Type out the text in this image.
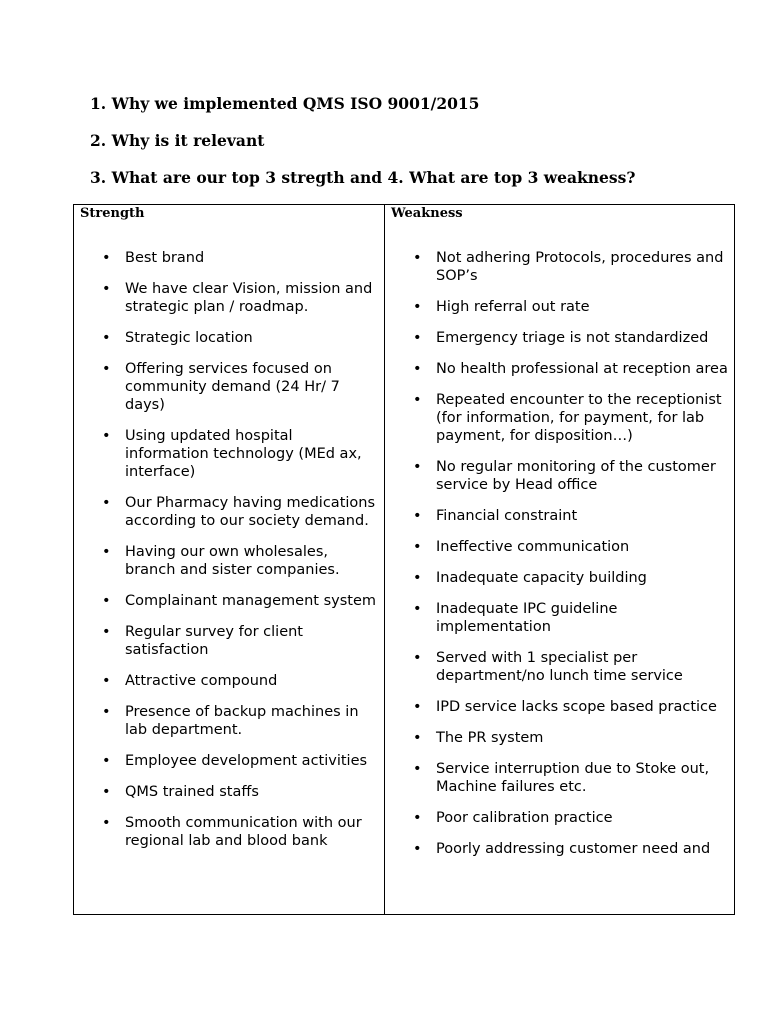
1. Why we implemented QMS ISO 9001/2015
2. Why is it relevant
3. What are our top 3 stregth and 4. What are top 3 weakness?
Strength
• Best brand
• We have clear Vision, mission and strategic plan / roadmap.
• Strategic location
• Offering services focused on community demand (24 Hr/ 7 days)
• Using updated hospital information technology (MEd ax, interface)
• Our Pharmacy having medications according to our society demand.
• Having our own wholesales, branch and sister companies.
• Complainant management system
• Regular survey for client satisfaction
• Attractive compound
• Presence of backup machines in lab department.
• Employee development activities
• QMS trained staffs
• Smooth communication with our regional lab and blood bank
Weakness
• Not adhering Protocols, procedures and SOP’s
• High referral out rate
• Emergency triage is not standardized
• No health professional at reception area
• Repeated encounter to the receptionist (for information, for payment, for lab payment, for disposition…)
• No regular monitoring of the customer service by Head office
• Financial constraint
• Ineffective communication
• Inadequate capacity building
• Inadequate IPC guideline implementation
• Served with 1 specialist per department/no lunch time service
• IPD service lacks scope based practice
• The PR system
• Service interruption due to Stoke out, Machine failures etc.
• Poor calibration practice
• Poorly addressing customer need and
